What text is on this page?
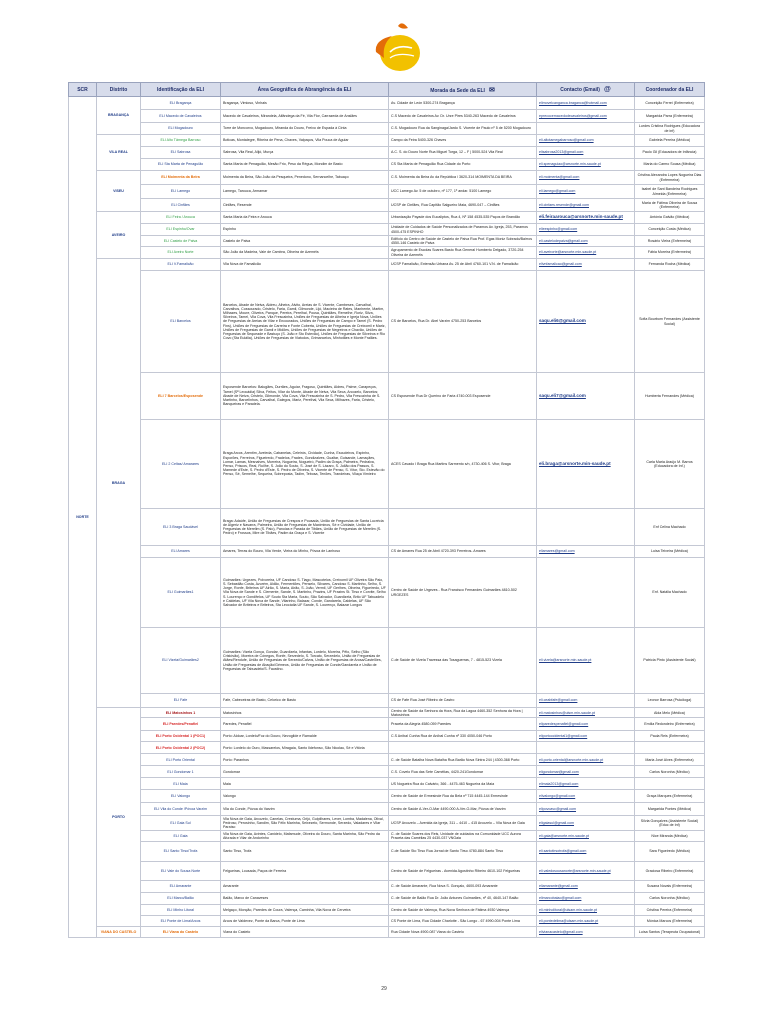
SCR	Distrito	Identificação da ELI	Área Geográfica de Abrangência da ELI	Morada da Sede da ELI ✉	Contacto (Email) @	Coordenador da ELI
NORTE	BRAGANÇA	ELI Bragança	Bragança, Vimioso, Vinhais	Av. Cidade de León 5300-274 Bragança	elimovelcanganca.braganca@hotmail.com	Conceição Ferrei (Enfermeira)
		ELI Macedo de Cavaleiros	Macedo de Cavaleiros, Mirandela, Alfândega da Fé, Vila Flor, Carrazeda de Ansiães	C.S Macedo de Cavaleiros Av. Dr. Urze Pires 5340-263 Macedo de Cavaleiros	eprecocemacedodecavaleiros@gmail.com	Margarida Parra (Enfermeira)
		ELI Mogadouro	Torre de Moncorvo, Mogadouro, Miranda do Douro, Freixo de Espada à Cinta	C.S. Mogadouro Rua da Sanginaga/Jardo S. Vicente de Paulo nº 5 de 5200 Mogadouro		Lurdes Cristina Rodrigues (Educadora de inf)
	VILA REAL	ELI Alto Tâmega Barroso	Boticas, Montalegre, Ribeira de Pena, Chaves, Valpaços, Vila Pouca de Aguiar	Campo da Feira 5400-326 Chaves	eli.altotamegabarroso@gmail.com	Gabriela Pereira (Médica)
		ELI Sabrosa	Sabrosa, Vila Real, Alijó, Murça	A.C. S. do Douro Norte Rua Miguel Torga, 12 – F | 5000-524 Vila Real	elisabrosa2013@gmail.com	Paulo Gil (Educadora de Infância)
		ELI Sta Marta de Penaguião	Santa Marta de Penaguião, Mesão Frio, Peso da Régua, Mondim de Basto	CS Sta Marta de Penaguião Rua Cidade do Porto	eli.spenaguiao@arsnorte.min-saude.pt	Maria do Carmo Sousa (Médica)
	VISEU	ELI Moimenta da Beira	Moimenta da Beira, São João da Pesqueira, Penedono, Sernancelhe, Tabuaço	C.S. Moimenta da Beira Av da República / 3620-314 MOIMENTA DA BEIRA	eli.moimenta@gmail.com	Cristina Alexandra Lopes Nogueira Dias (Enfermeira)
		ELI Lamego	Lamego, Tarouca, Armamar	UCC Lamego Av. 5 de outubro, nº 177, 1º andar. 5100 Lamego	eli.lamego@gmail.com	Isabel de Sant Bandeira Rodrigues Almeida (Enfermeira)
		ELI Cinfães	Cinfães, Resende	UCSP de Cinfães, Rua Capitão Salgueiro Maia, 4690-047 – Cinfães	eli.cinfaes.resende@gmail.com	Maria de Fátima Oliveira de Sousa (Enfermeira)
	AVEIRO	ELI Feira / Arouca	Santa Maria da Feira e Arouca	Urbanização Payade dos Eucaliptos, Rua 4, Nº 158 4535-535 Paços de Brandão	eli.feiraarouca@arsnorte.min-saude.pt	Antónia Galvão (Médica)
		ELI Espinho/Ovar	Espinho	Unidade de Cuidados de Saúde Personalizados de Paramos Av. Igreja, 253, Paramos 4500-475 ESPINHO	elieespinho@gmail.com	Conceição Costa (Médica)
		ELI Castelo de Paiva	Castelo de Paiva	Edifício do Centro de Saúde de Castelo de Paiva Rua Prof. Egas Moniz Sobrado/Bairros 4550-146 Castelo de Paiva	eli.castelodepaiva@gmail.com	Rosário Vieira (Enfermeira)
		ELI Aveiro Norte	São João da Madeira, Vale de Cambra, Oliveira de Azeméis	Agrupamento de Escolas Soares Basto Rua General Humberto Delgado, 3720-254 Oliveira de Azeméis	eli.aveirorte@arsnorte.min-saude.pt	Fábia Moreira (Enfermeira)
	BRAGA	ELI V.Famalicão	Vila Nova de Famalicão	UCSP Famalicão, Extensão Urbana Av. 25 de Abril 4760-101 V.N. de Famalicão	elivnfamalicao@gmail.com	Fernanda Rocha (Médica)
		ELI Barcelos	Barcelos, Abade de Neiva, Aldreu, Alheira, Alvito, Areias de S. Vicente, Cambeses, Carvalhal, Carvalhos, Cossourado, Cristelo, Faria, Gamil, Gilmonde, Lijó, Macieira de Rates, Manhente, Martim, Milhazes, Moure, Oliveira, Panque, Pereira, Perelhal, Pousa, Quintiães, Remelhe, Roriz, Silva, Silveiros, Tamel, Vila Cova, Vila Frescainha, Uniões de Freguesias de Alheira e Igreja Nova, Uniões de Freguesias de Areias de Vilar e Encourados, Uniões de Freguesias de Campo e Tamel (S. Pedro Fins), Uniões de Freguesias de Carreira e Fonte Coberta, Uniões de Freguesias de Creixomil e Mariz, Uniões de Freguesias de Gamil e Midões, Uniões de Freguesias de Negreiros e Chavão, Uniões de Freguesias de Sequeade e Bastuço (S. João e Sto Estevão), Uniões de Freguesias de Silveiros e Rio Covo (Sta Eulália), Uniões de Freguesias de Viatodos, Grimancelos, Minhotães e Monte Fralães.	CS de Barcelos, Rua Dr. Abel Varzim 4750-253 Barcelos	saqu.eli6@gmail.com	Sofia Bourbom Fernandes (Assistente Social)
		ELI 7 Barcelos/Esposende	Esposende Barcelos: Balugães, Durrães, Aguiar, Fragoso, Quintiães, Aldreu, Palme, Carapeços, Tamel (Sª Leocádia) Silva, Feitos, Vilar do Monte, Abade de Neiva, Vila Seca, Arcozelo, Barcelos; Abade de Neiva, Cristelo, Gilmonde, Vila Cova, Vila Frescainha de S. Pedro, Vila Frescainha de S. Martinho, Barcelinhos, Carvalhal, Galegos, Mariz, Perelhal, Vila Seca, Milhazes, Faria, Cristelo, Banqueiras e Paradela.	CS Esposende Rua Dr Querino de Faria 4740-003 Esposende	saqu.eli7@gmail.com	Humberta Fernandes (Médica)
		ELI 2 Celtas/ Amarares	Braga Arcos, Arentim, Aveleda, Cabanelas, Celeirós, Cividade, Cunha, Escudeiros, Espinho, Esporões, Ferreiros, Figueiredo, Fradelos, Frades, Gondizalves, Gualtar, Guisande, Lamaçães, Lomar, Lamas, Mesnalves, Morreira, Nogueira, Nogueiró, Padim da Graça, Palmeira, Pedralva, Penso, Priscos, Real, Ruílhe, S. João do Souto, S. José de S. Lázaro, S. Julião dos Passos, S. Mamede d'Este, S. Pedro d'Este, S. Pedro de Oliveira, S. Vicente de Penso, S. Vítor, Sto. Estevão do Penso, Sé, Semelhe, Sequeira, Sobreposta, Tadim, Tebosa, Tenões, Trandeiras, Vilaça Vimieiro	ACES Cavado I Braga Rua Martins Sarmento s/n, 4730-406 S. Vitor, Braga	eli.braga@arsnorte.min-saude.pt	Carla Maria Araújo M. Barros (Educadora de Inf.)
		ELI 3 Braga Saudável	Braga: Adaúfe, União de Freguesias de Crespos e Pousada, União de Freguesias de Santa Lucrécia de Algeriz e Navarra, Palmeira, União de Freguesias de Maximinos, Sé e Cividade, União de Freguesias de Merelim (S. Paio), Panoias e Parada de Tibães, União de Freguesias de Merelim (S. Pedro) e Frossos, Mire de Tibães, Padim da Graça e S. Vicente			Enf Celina Machado
		ELI Amares	Amares, Terras do Bouro, Vila Verde, Vieira do Minho, Póvoa de Lanhoso	CS de Amares Rua 25 de Abril 4720-393 Ferreiros- Amares	eliamares@gmail.com	Luisa Teixeira (Médica)
		ELI Guimarães1	Guimarães: Urgezes, Polvoreira, UF Candoso S. Tiago, Mascotelos, Creixomil UF Oliveira São Paio, S. Sebastião Costa, Azurém, Aldão, Fermentões, Penselo, Silvares, Candoso S. Martinho, Selho, S. Jorge, Ronfe, Briteiros UF Airão, S. Maria, Airão, S. João, Vermil, UF Gerlhes, Oliveira, Figueiredo, UF Vila Nova de Sande e S. Clemente, Sande, S. Martinho, Prazins, UF Prazins St. Tirso e Corvite, Selho S. Lourenço e Gondifelos, UF Souto Sta Maria, Souto, São Salvador, Guardizela, Brito UF Tabuadelo e Caldelas, UF Vila Nova de Sande, Vilarinho, Balazar, Conde, Gandarela, Caldelas, UF São Salvador de Briteiros e Briteiros, Sta Leocádia UF Sande, S. Lourenço, Balazar Longos	Centro de Saúde de Urgezes - Rua Francisco Fernandes Guimarães 4810-502 URGEZES		Enf. Natália Machado
		ELI Vizela/Guimarães2	Guimarães: Vizela Gonça, Gondar, Guardizela, Infantas, Lordelo, Moreira, Pêlo, Selho (São Cristóvão), Moreira de Cónegos, Ronfe, Serzedelo, S. Torcato, Serzedelo, União de Freguesias de Atães/Rendufe, União de Freguesias de Serzedo/Calvos, União de Freguesias de Arosa/Castelões, União de Freguesias de Abação/Gémeos, União de Freguesias de Conde/Gandarela e União de Freguesias de Tabuadelo/S. Faustino.	C.de Saúde de Vizela Travessa das Tosaguerras, 7 - 4815-523 Vizela	eli.vizela@arsnorte.min-saude.pt	Patrícia Pinto (Assistente Social)
		ELI Fafe	Fafe, Cabeceiras de Basto, Celorico de Basto	CS de Fafe Rua José Ribeiro de Castro	eli.ceabfafe@gmail.com	Leonor Barrosa (Psicóloga)
	PORTO	ELI Matosinhos 1	Matosinhos	Centro de Saúde da Senhora da Hora, Rua da Lagoa 4460-352 Senhora da Hora | Matosinhos	eli.matosinhos@ulsm.min-saude.pt	Alda Melo (Médica)
		ELI Paredes/Penafiel	Paredes, Penafiel	Praceta da Alegria 4580-059 Paredes	eliparedespenafiel@gmail.com	Emília Redondeiro (Enfermeira)
		ELI Porto Ocidental 1 (POC1)	Porto: Aldoar, Lordelo/Foz do Douro, Nevogilde e Ramalde	C.S Aníbal Cunha Rua de Aníbal Cunha nº 330 4050-046 Porto	eliportoocidental1@gmail.com	Paula Reis (Enfermeira)
		ELI Porto Ocidental 2 (POC2)	Porto: Lordelo do Ouro, Massarelos, Miragaia, Santo Ildefonso, São Nicolau, Sé e Vitória			
		ELI Porto Oriental	Porto: Paranhos	C. de Saúde Batalha Nova Batalha Rua Barão Nova Sintra 244 | 4300-368 Porto	eli.porto.oriental@arsnorte.min-saude.pt	Maria José Alves (Enfermeira)
		ELI Gondomar 1	Gondomar	C.S. Covelo Rua das Sete Camélias, 4420-241Gondomar	eligondomar@gmail.com	Carlos Noronha (Médico)
		ELI Maia	Maia	US Nogueira Rua do Calvário, 366 - 4475-463 Nogueira da Maia	elimaia2013@gmail.com	
		ELI Valongo	Valongo	Centro de Saúde de Ermesinde Rua da Bela nº 715 4445-144 Ermesinde	elivalongo@gmail.com	Graça Marques (Enfermeira)
		ELI Vila do Conde /Póvoa Varzim	Vila do Conde, Póvoa do Varzim	Centro de Saúde A-Ver-O-Mar 4490-000 A-Ver-O-Mar, Póvoa de Varzim	elipovoavc@gmail.com	Margarida Pontes (Médica)
		ELI Gaia Sul	Vila Nova de Gaia, Arcozelo, Canelas, Crestuma, Grijó, Gulpilhares, Lever, Lomba, Madalena, Olival, Pedroso, Perosinho, Sandim, São Félix Marinha, Seixezelo, Sermonde, Serzedo, Valadares e Vilar Paraíso	UCSP Arcozelo – Avenida da Igreja, 311 – 4410 – 415 Arcozelo – Vila Nova de Gaia	eligaiasul@gmail.com	Sílvia Gonçalves (Assistente Social) (Educ de Inf)
		ELI Gaia	Vila Nova de Gaia, Avintes, Canidelo, Mafamude, Oliveira do Douro, Santa Marinha, São Pedro da Afurada e Vilar de Andorinho	C. de Saúde Soares dos Reis, Unidade de cuidados na Comunidade UCC Aurora Praceta das Camélias 25 4430-037 VNGaia	eli.gaia@arsnorte.min-saude.pt	Nice Miranda (Médica)
		ELI Santo Tirso/Trofa	Santo Tirso, Trofa	C.de Saúde Sto Tirso Rua Jornal de Santo Tirso 4780-884 Santo Tirso	eli.santotirsotrofa@gmail.com	Sara Figueiredo (Médica)
		ELI Vale do Sousa Norte	Felgueiras, Lousada, Paços de Ferreira	Centro de Saúde de Felgueiras - Avenida Agostinho Ribeiro 4610-102 Felgueiras	eli.valedosousanorte@arsnorte.min-saude.pt	Graciosa Ribeiro (Enfermeira)
		ELI Amarante	Amarante	C. de Saúde Amarante, Rua Nova S. Gonçalo, 4600-093 Amarante	eliamarante@gmail.com	Susana Novais (Enfermeira)
		ELI Marco/Baião	Baião, Marco de Canaveses	C. de Saúde de Baião Rua Dr. João Antunes Guimarães, nº 40, 4640-147 Baião	elimarcobaiao@gmail.com	Carlos Noronha (Médico)
		ELI Minho Litoral	Melgaço, Monção, Paredes de Coura, Valença, Caminha, Vila Nova de Cerveira	Centro de Saúde de Valença, Rua Nova Senhora de Fátima 4930 Valença	eli.minholitoral@ulsam.min-saude.pt	Cristina Pereira (Enfermeira)
		ELI Ponte de Lima/Arcos	Arcos de Valdevez, Ponte da Barca, Ponte de Lima	CS Ponte de Lima, Rua Cidade Charlotte - São Longo - 67 4990-004 Ponte Lima	eli.pontedelima@ulsam.min-saude.pt	Mónica Marcos (Enfermeira)
	VIANA DO CASTELO	ELI Viana do Castelo	Viana do Castelo	Rua Cidade Nova 4900-087 Viana do Castelo	elivianacastelo@gmail.com	Luísa Santos (Terapeuta Ocupacional)
29
